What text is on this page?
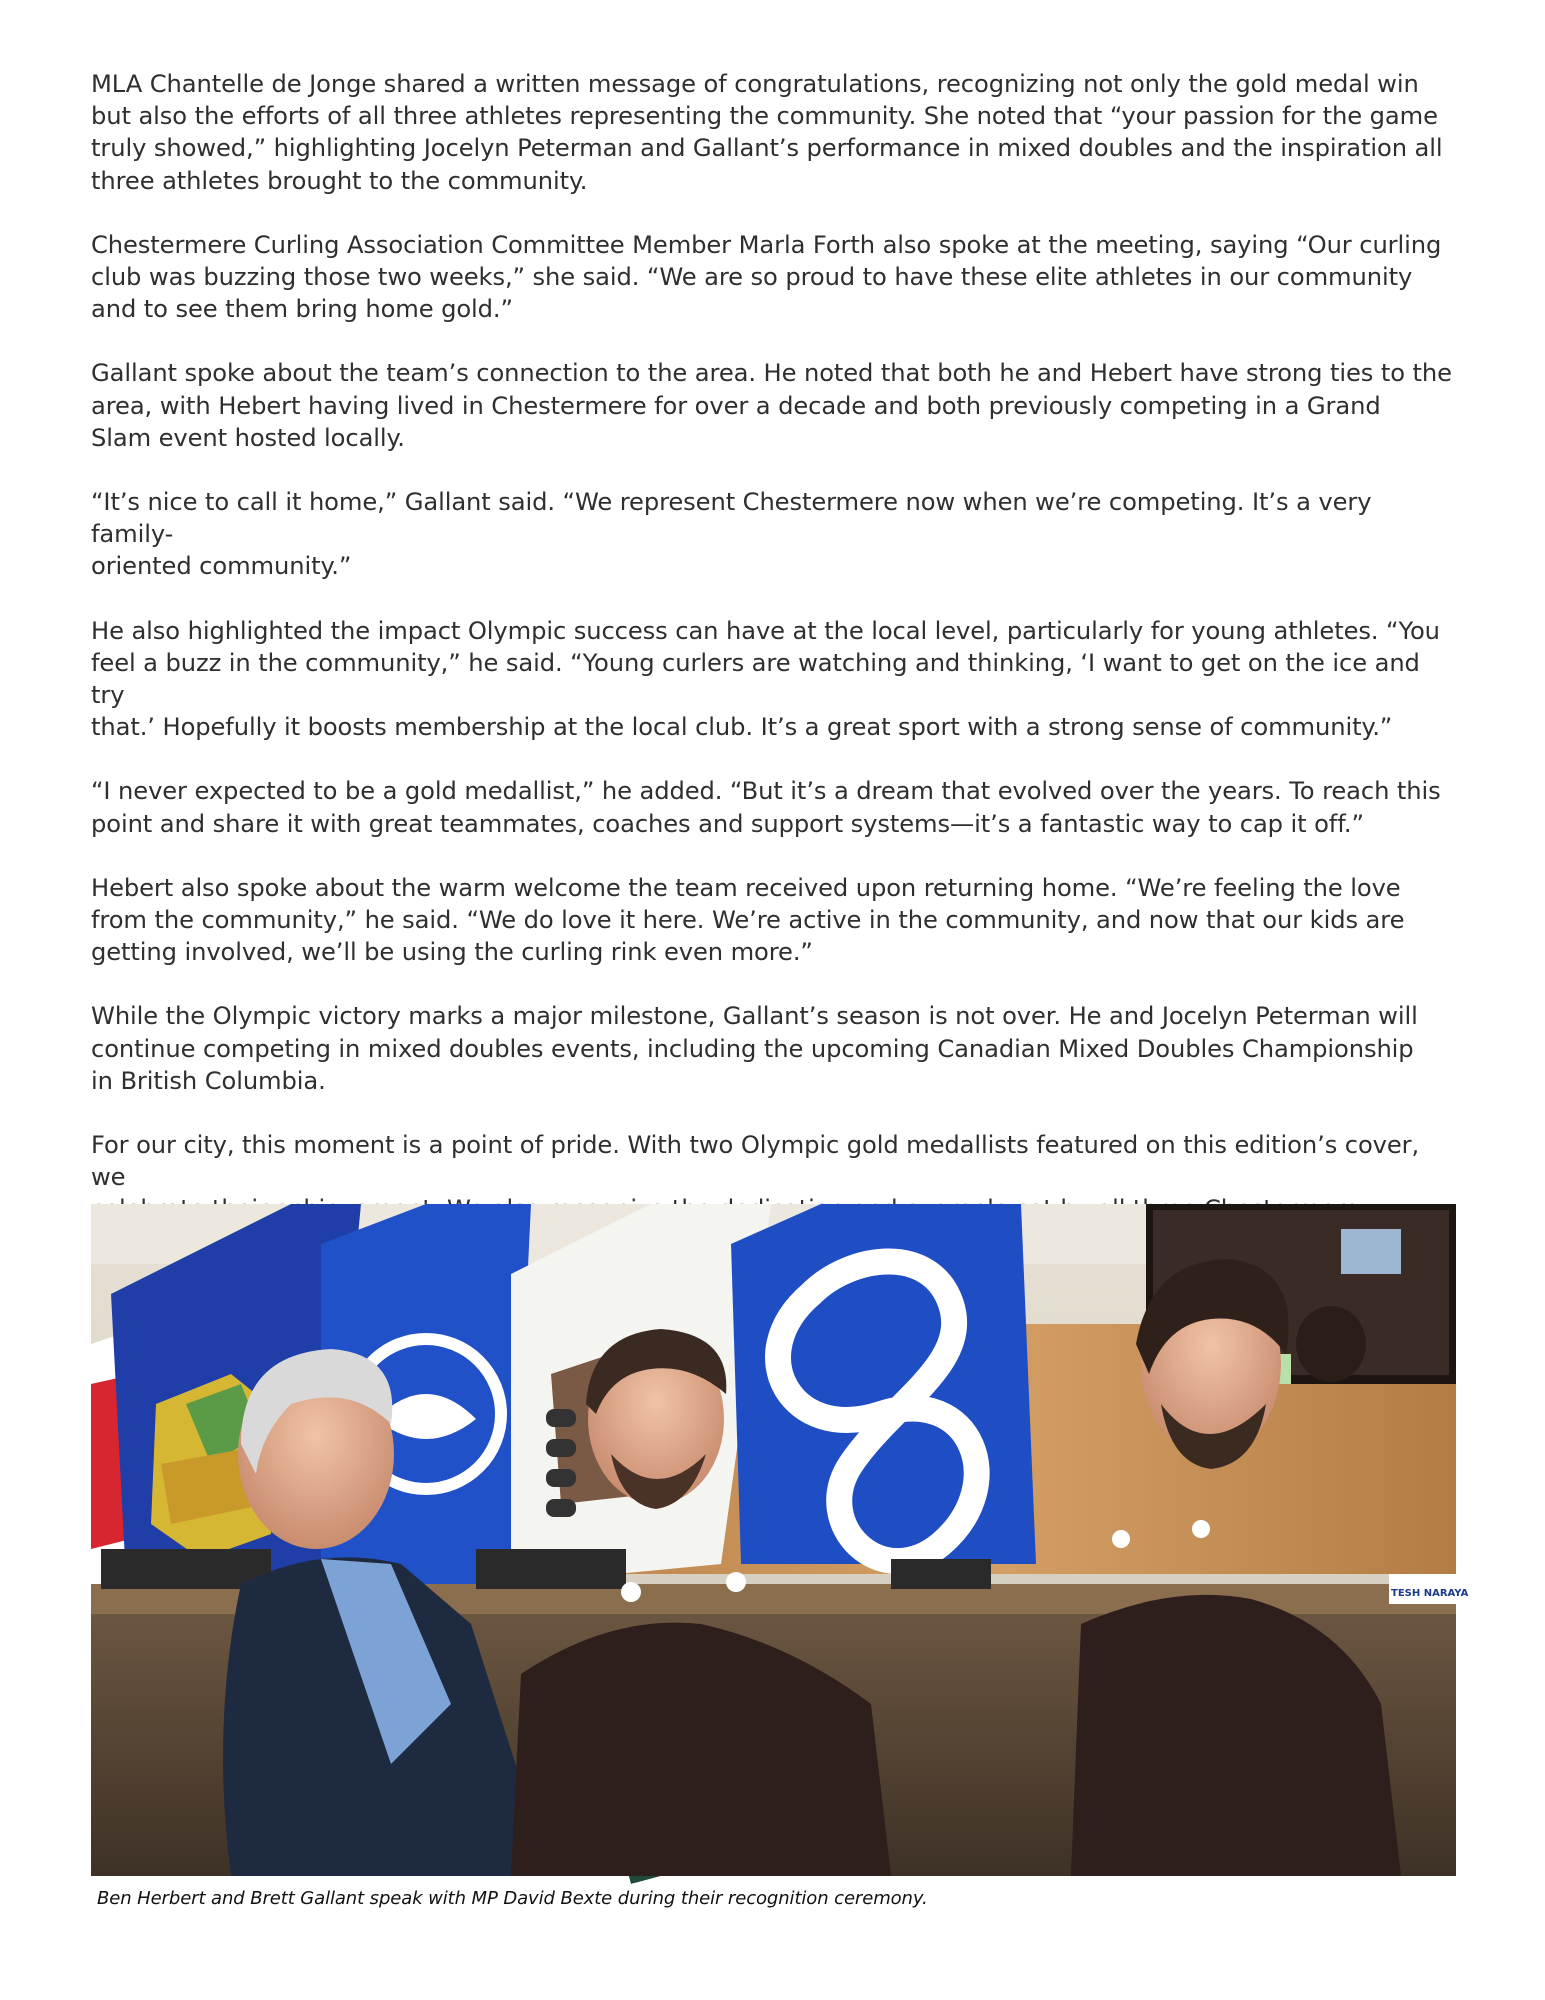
MLA Chantelle de Jonge shared a written message of congratulations, recognizing not only the gold medal win
but also the efforts of all three athletes representing the community. She noted that “your passion for the game
truly showed,” highlighting Jocelyn Peterman and Gallant’s performance in mixed doubles and the inspiration all
three athletes brought to the community.

Chestermere Curling Association Committee Member Marla Forth also spoke at the meeting, saying “Our curling
club was buzzing those two weeks,” she said. “We are so proud to have these elite athletes in our community
and to see them bring home gold.”

Gallant spoke about the team’s connection to the area. He noted that both he and Hebert have strong ties to the
area, with Hebert having lived in Chestermere for over a decade and both previously competing in a Grand
Slam event hosted locally.

“It’s nice to call it home,” Gallant said. “We represent Chestermere now when we’re competing. It’s a very family-
oriented community.”

He also highlighted the impact Olympic success can have at the local level, particularly for young athletes. “You
feel a buzz in the community,” he said. “Young curlers are watching and thinking, ‘I want to get on the ice and try
that.’ Hopefully it boosts membership at the local club. It’s a great sport with a strong sense of community.”

“I never expected to be a gold medallist,” he added. “But it’s a dream that evolved over the years. To reach this
point and share it with great teammates, coaches and support systems—it’s a fantastic way to cap it off.”

Hebert also spoke about the warm welcome the team received upon returning home. “We’re feeling the love
from the community,” he said. “We do love it here. We’re active in the community, and now that our kids are
getting involved, we’ll be using the curling rink even more.”

While the Olympic victory marks a major milestone, Gallant’s season is not over. He and Jocelyn Peterman will
continue competing in mixed doubles events, including the upcoming Canadian Mixed Doubles Championship
in British Columbia.

For our city, this moment is a point of pride. With two Olympic gold medallists featured on this edition’s cover, we

TESH NARAYA
Ben Herbert and Brett Gallant speak with MP David Bexte during their recognition ceremony.
